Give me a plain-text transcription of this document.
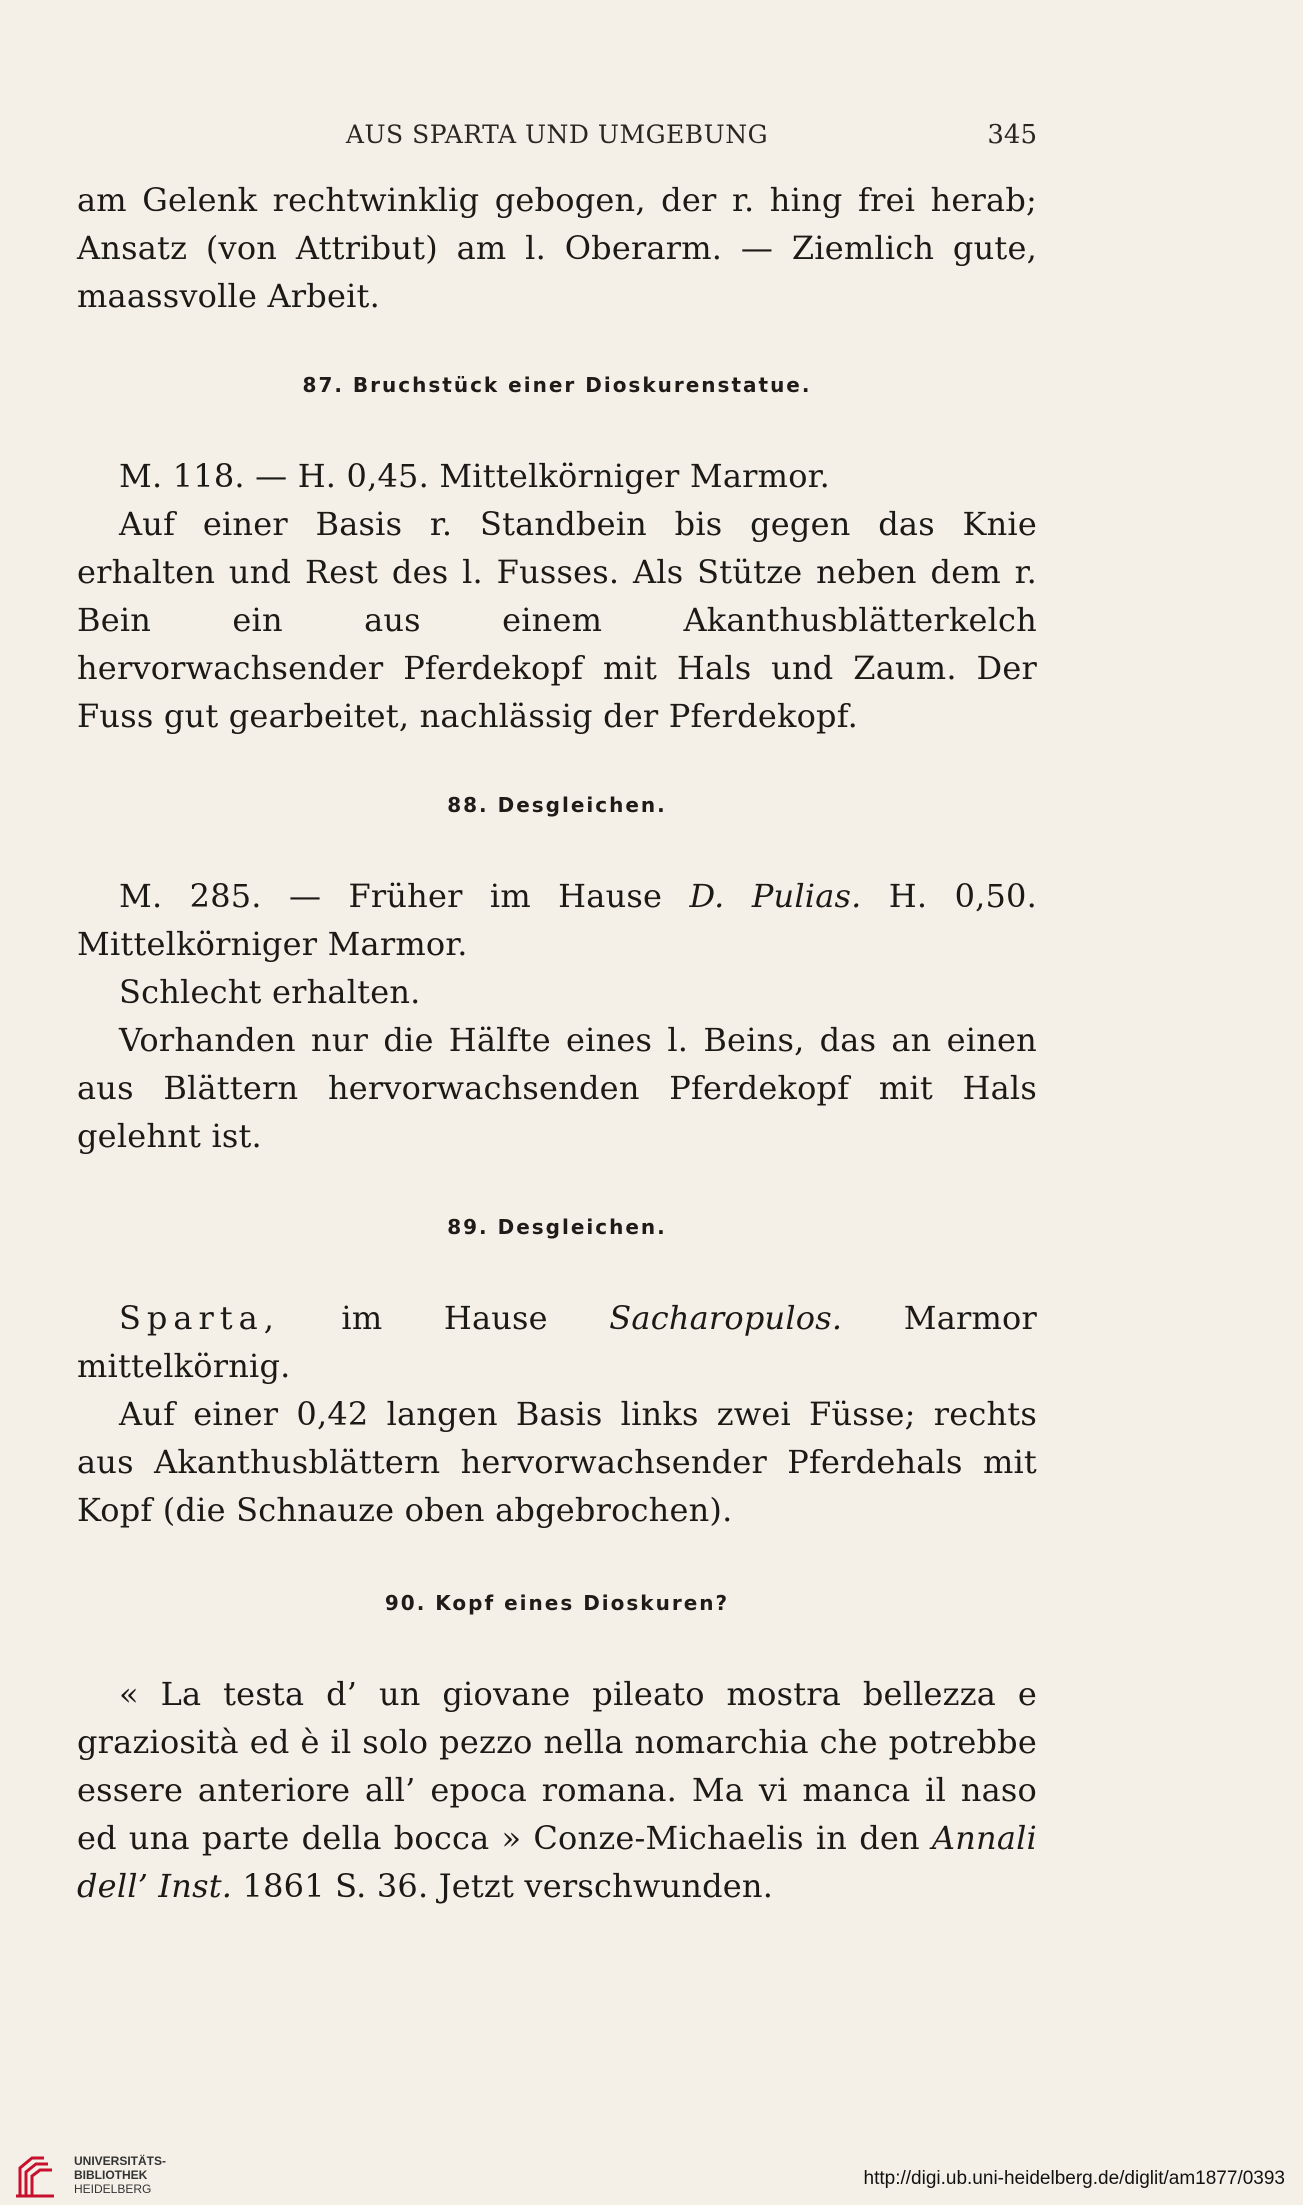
AUS SPARTA UND UMGEBUNG	345

am Gelenk rechtwinklig gebogen, der r. hing frei herab; Ansatz (von Attribut) am l. Oberarm. — Ziemlich gute, maassvolle Arbeit.

87. Bruchstück einer Dioskurenstatue.

M. 118. — H. 0,45. Mittelkörniger Marmor.

Auf einer Basis r. Standbein bis gegen das Knie erhalten und Rest des l. Fusses. Als Stütze neben dem r. Bein ein aus einem Akanthusblätterkelch hervorwachsender Pferdekopf mit Hals und Zaum. Der Fuss gut gearbeitet, nachlässig der Pferdekopf.

88. Desgleichen.

M. 285. — Früher im Hause D. Pulias. H. 0,50. Mittelkörniger Marmor.

Schlecht erhalten.

Vorhanden nur die Hälfte eines l. Beins, das an einen aus Blättern hervorwachsenden Pferdekopf mit Hals gelehnt ist.

89. Desgleichen.

Sparta, im Hause Sacharopulos. Marmor mittelkörnig.

Auf einer 0,42 langen Basis links zwei Füsse; rechts aus Akanthusblättern hervorwachsender Pferdehals mit Kopf (die Schnauze oben abgebrochen).

90. Kopf eines Dioskuren?

« La testa d’ un giovane pileato mostra bellezza e graziosità ed è il solo pezzo nella nomarchia che potrebbe essere anteriore all’ epoca romana. Ma vi manca il naso ed una parte della bocca » Conze-Michaelis in den Annali dell’ Inst. 1861 S. 36. Jetzt verschwunden.

UNIVERSITÄTS-
BIBLIOTHEK
HEIDELBERG	http://digi.ub.uni-heidelberg.de/diglit/am1877/0393
